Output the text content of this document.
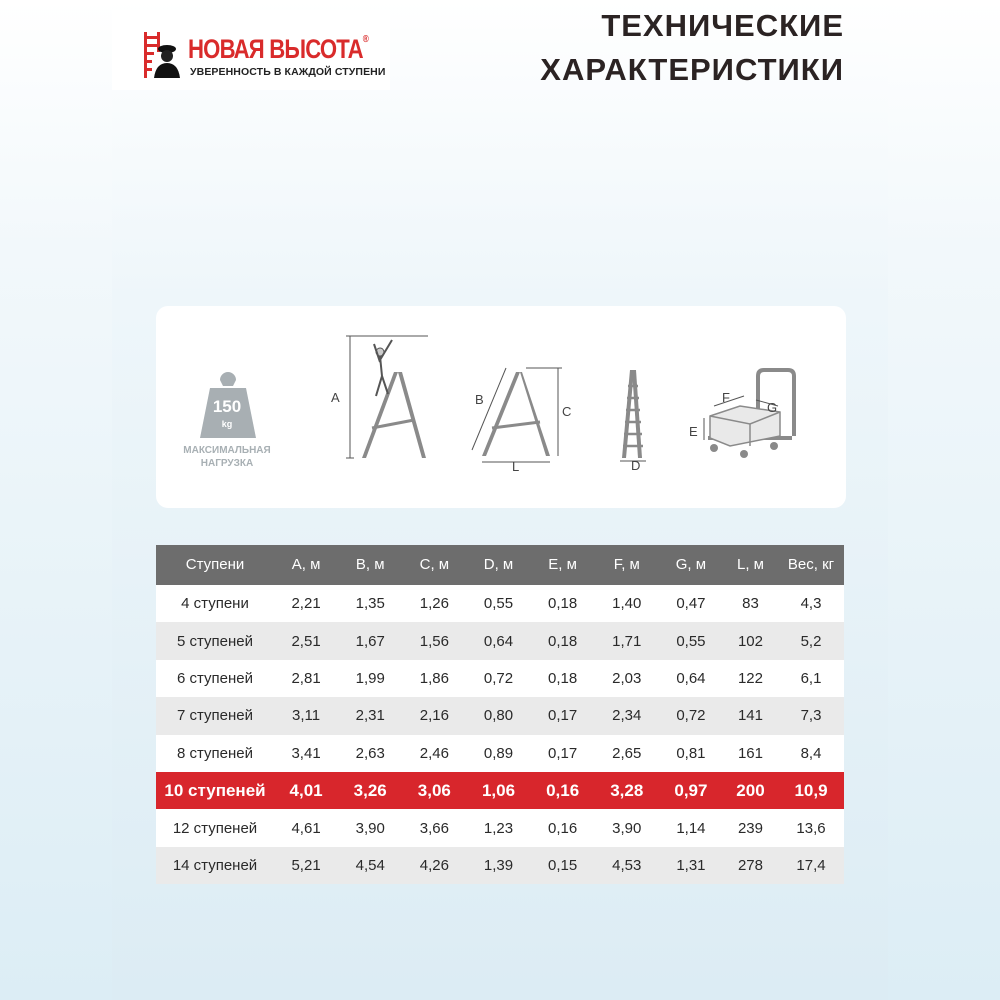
НОВАЯ ВЫСОТА®
УВЕРЕННОСТЬ В КАЖДОЙ СТУПЕНИ
ТЕХНИЧЕСКИЕ
ХАРАКТЕРИСТИКИ
150
kg
МАКСИМАЛЬНАЯ
НАГРУЗКА
A	B
C
L	D
E
F
G
Ступени	A, м	B, м	C, м	D, м	E, м	F, м	G, м	L, м	Вес, кг
4 ступени	2,21	1,35	1,26	0,55	0,18	1,40	0,47	83	4,3
5 ступеней	2,51	1,67	1,56	0,64	0,18	1,71	0,55	102	5,2
6 ступеней	2,81	1,99	1,86	0,72	0,18	2,03	0,64	122	6,1
7 ступеней	3,11	2,31	2,16	0,80	0,17	2,34	0,72	141	7,3
8 ступеней	3,41	2,63	2,46	0,89	0,17	2,65	0,81	161	8,4
10 ступеней	4,01	3,26	3,06	1,06	0,16	3,28	0,97	200	10,9
12 ступеней	4,61	3,90	3,66	1,23	0,16	3,90	1,14	239	13,6
14 ступеней	5,21	4,54	4,26	1,39	0,15	4,53	1,31	278	17,4
